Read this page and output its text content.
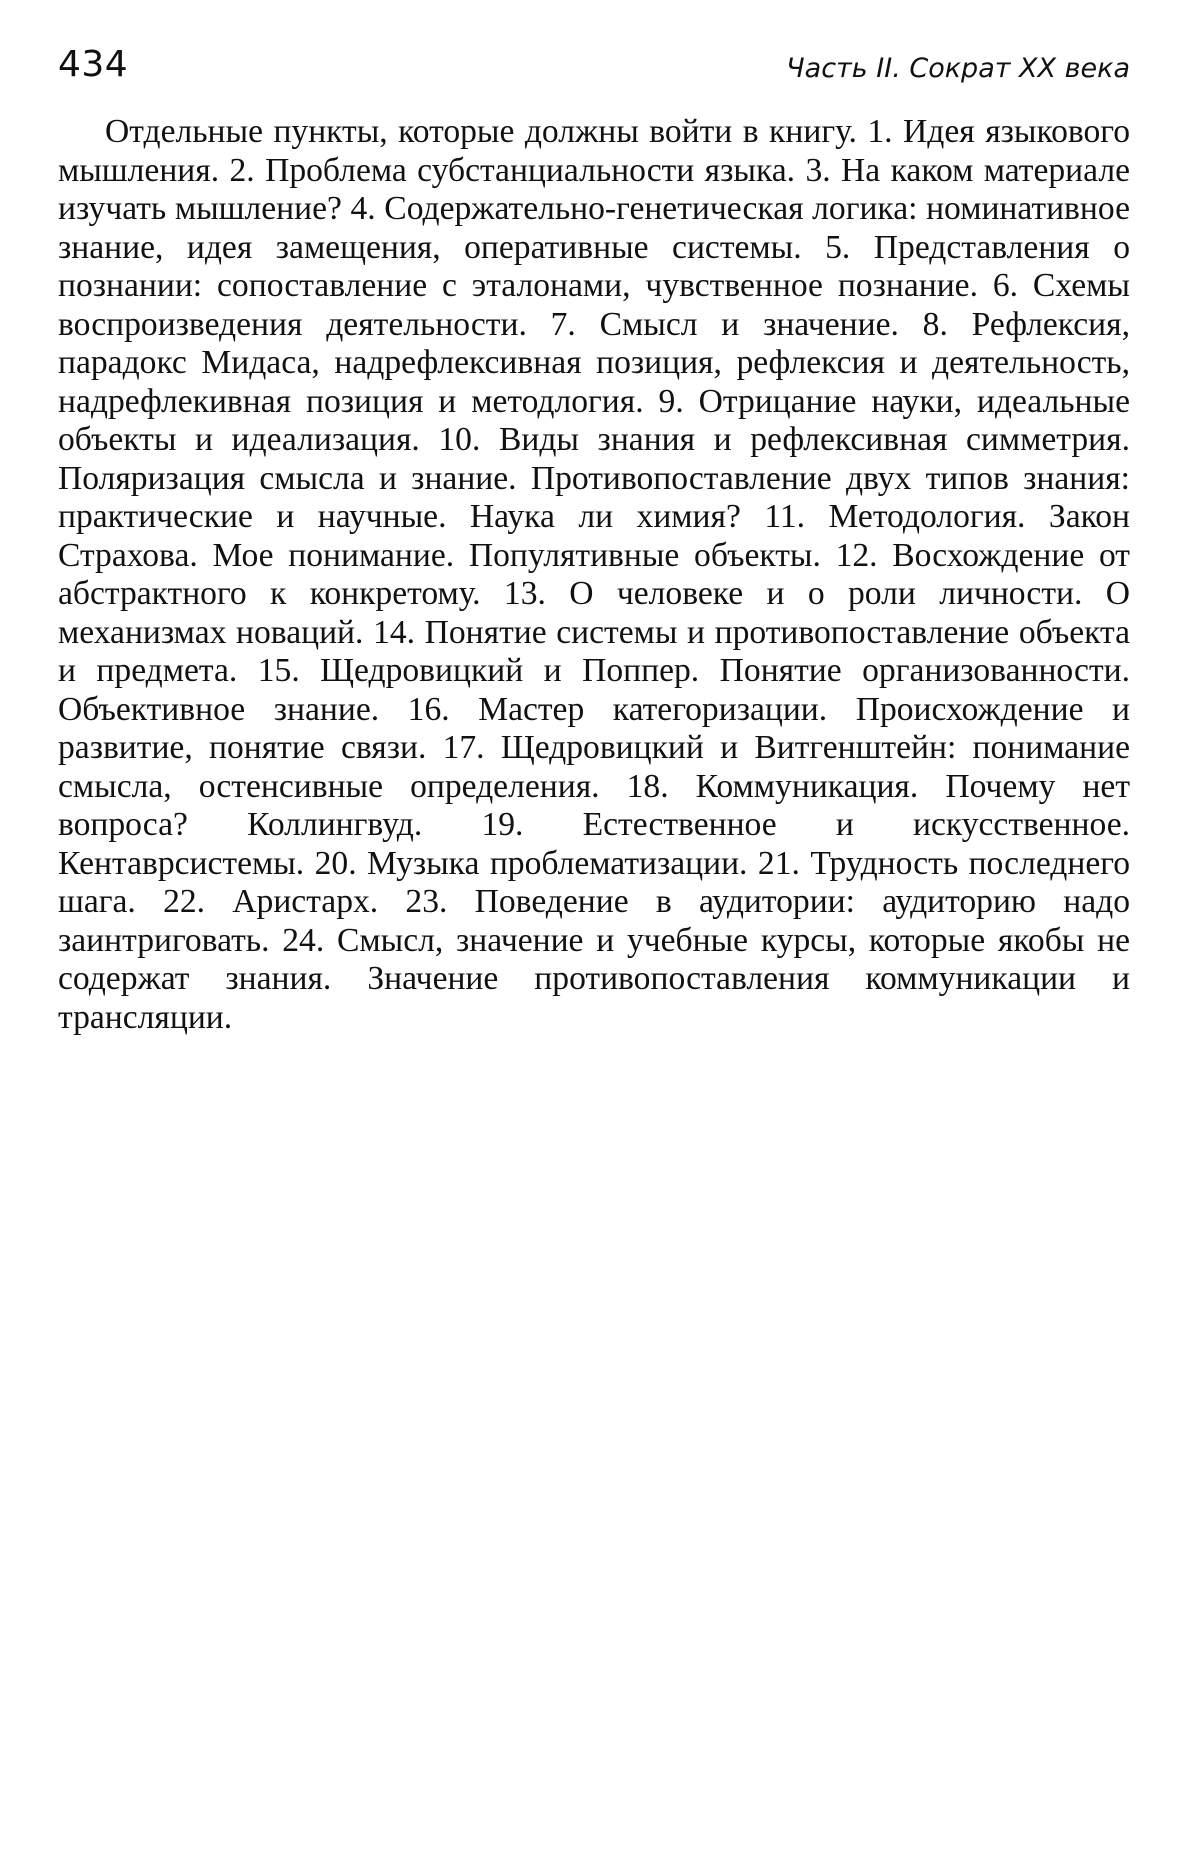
434	Часть II. Сократ XX века

Отдельные пункты, которые должны войти в книгу. 1. Идея языкового мышления. 2. Проблема субстанциальности языка. 3. На каком материале изучать мышление? 4. Содержательно-генетическая логика: номинативное знание, идея замещения, оперативные системы. 5. Представления о познании: сопоставление с эталонами, чувственное познание. 6. Схемы воспроизведения деятельности. 7. Смысл и значение. 8. Рефлексия, парадокс Мидаса, надрефлексивная позиция, рефлексия и деятельность, надрефлекивная позиция и методлогия. 9. Отрицание науки, идеальные объекты и идеализация. 10. Виды знания и рефлексивная симметрия. Поляризация смысла и знание. Противопоставление двух типов знания: практические и научные. Наука ли химия? 11. Методология. Закон Страхова. Мое понимание. Популятивные объекты. 12. Восхождение от абстрактного к конкретому. 13. О человеке и о роли личности. О механизмах новаций. 14. Понятие системы и противопоставление объекта и предмета. 15. Щедровицкий и Поппер. Понятие организованности. Объективное знание. 16. Мастер категоризации. Происхождение и развитие, понятие связи. 17. Щедровицкий и Витгенштейн: понимание смысла, остенсивные определения. 18. Коммуникация. Почему нет вопроса? Коллингвуд. 19. Естественное и искусственное. Кентаврсистемы. 20. Музыка проблематизации. 21. Трудность последнего шага. 22. Аристарх. 23. Поведение в аудитории: аудиторию надо заинтриговать. 24. Смысл, значение и учебные курсы, которые якобы не содержат знания. Значение противопоставления коммуникации и трансляции.
